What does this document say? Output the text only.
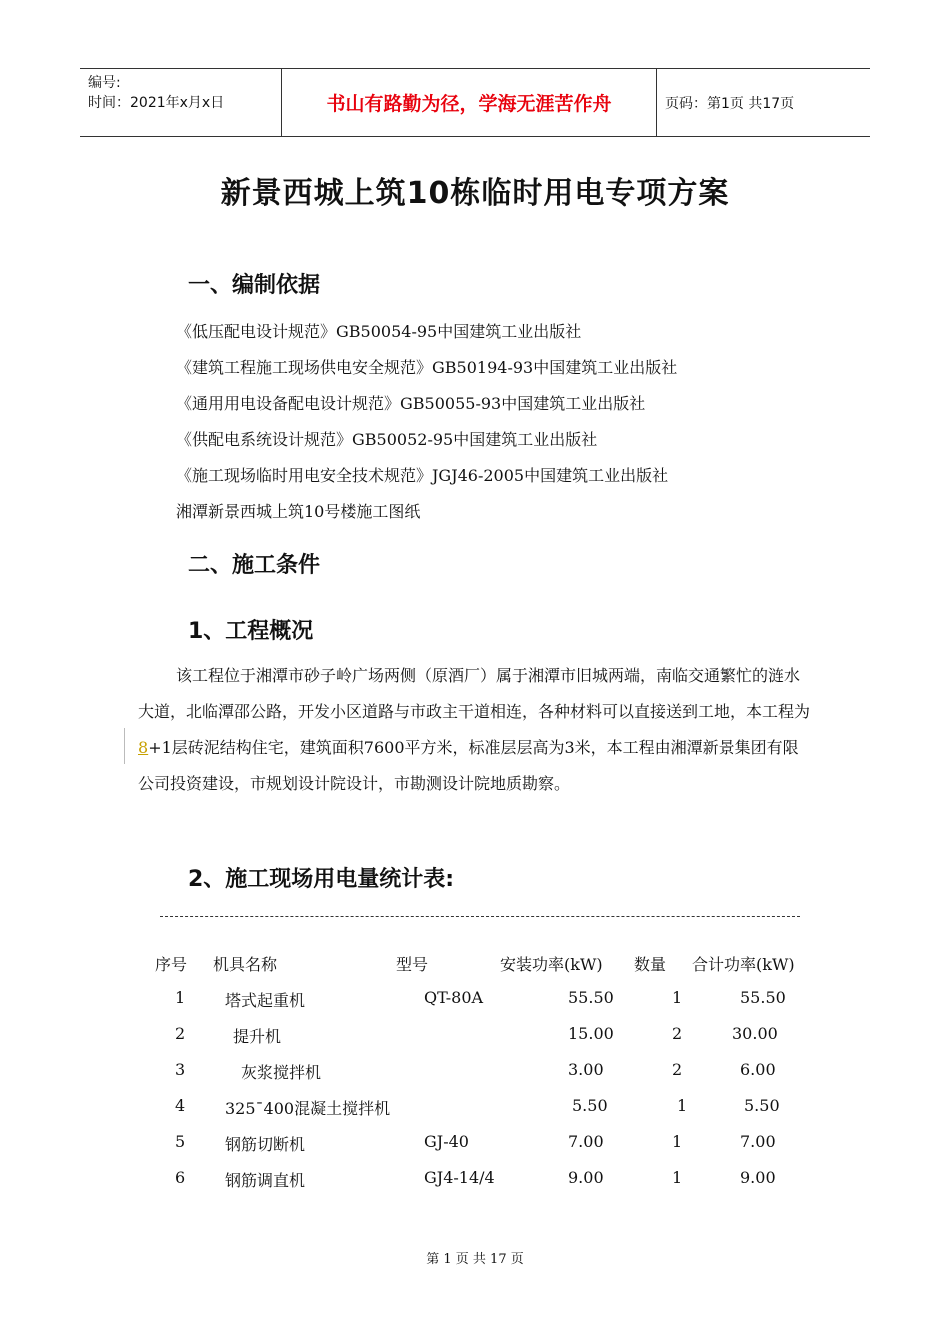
编号:
时间：2021年x月x日	书山有路勤为径，学海无涯苦作舟	页码：第1页 共17页
新景西城上筑10栋临时用电专项方案
一、编制依据
《低压配电设计规范》GB50054-95中国建筑工业出版社
《建筑工程施工现场供电安全规范》GB50194-93中国建筑工业出版社
《通用用电设备配电设计规范》GB50055-93中国建筑工业出版社
《供配电系统设计规范》GB50052-95中国建筑工业出版社
《施工现场临时用电安全技术规范》JGJ46-2005中国建筑工业出版社
湘潭新景西城上筑10号楼施工图纸
二、施工条件
1、工程概况
该工程位于湘潭市砂子岭广场两侧（原酒厂）属于湘潭市旧城两端，南临交通繁忙的涟水大道，北临潭邵公路，开发小区道路与市政主干道相连，各种材料可以直接送到工地，本工程为8+1层砖泥结构住宅，建筑面积7600平方米，标准层层高为3米，本工程由湘潭新景集团有限公司投资建设，市规划设计院设计，市勘测设计院地质勘察。
2、施工现场用电量统计表:
序号 机具名称	型号	安装功率(kW) 数量 合计功率(kW)
1 塔式起重机	QT-80A	55.50	1	55.50
2	提升机	15.00	2	30.00
3	灰浆搅拌机	3.00	2	6.00
4 325¯400混凝土搅拌机	5.50	1	5.50
5 钢筋切断机	GJ-40	7.00	1	7.00
6 钢筋调直机	GJ4-14/4	9.00	1	9.00
第 1 页 共 17 页
